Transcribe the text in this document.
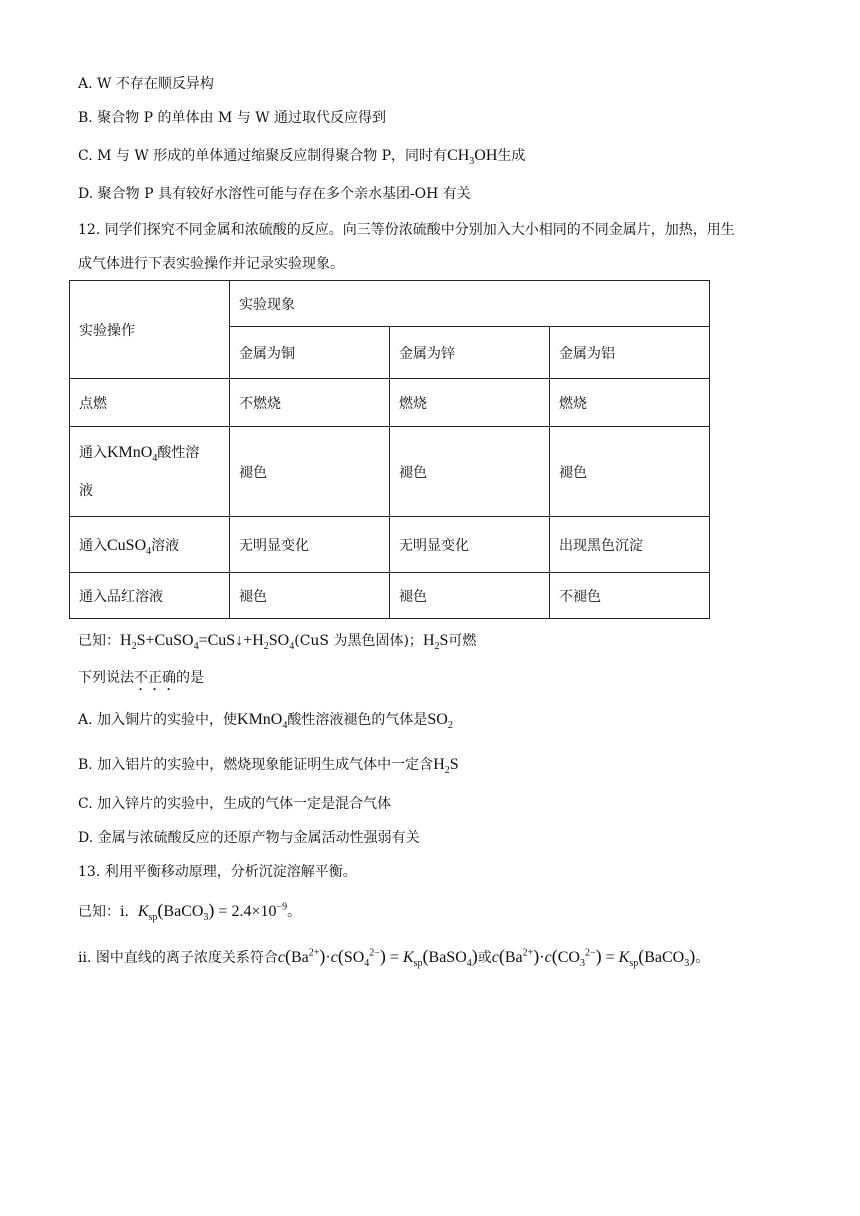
A. W 不存在顺反异构
B. 聚合物 P 的单体由 M 与 W 通过取代反应得到
C. M 与 W 形成的单体通过缩聚反应制得聚合物 P，同时有$CH_3OH$生成
D. 聚合物 P 具有较好水溶性可能与存在多个亲水基团-OH 有关
12. 同学们探究不同金属和浓硫酸的反应。向三等份浓硫酸中分别加入大小相同的不同金属片，加热，用生
成气体进行下表实验操作并记录实验现象。
实验操作	实验现象		
	金属为铜	金属为锌	金属为铝
点燃	不燃烧	燃烧	燃烧
通入KMnO$_4$酸性溶
液	褪色	褪色	褪色
通入CuSO$_4$溶液	无明显变化	无明显变化	出现黑色沉淀
通入品红溶液	褪色	褪色	不褪色
已知：$H_2S+CuSO_4=CuS↓+H_2SO_4(CuS$ 为黑色固体)；$H_2S$可燃
下列说法不正确的是
A. 加入铜片的实验中，使KMnO$_4$酸性溶液褪色的气体是$SO_2$
B. 加入铝片的实验中，燃烧现象能证明生成气体中一定含$H_2S$
C. 加入锌片的实验中，生成的气体一定是混合气体
D. 金属与浓硫酸反应的还原产物与金属活动性强弱有关
13. 利用平衡移动原理，分析沉淀溶解平衡。
已知：i. $K_{sp}(BaCO_3) = 2.4\times 10^{-9}$。
ii. 图中直线的离子浓度关系符合$c(Ba^{2+})\cdot c(SO_4^{2-})$ = $K_{sp}(BaSO_4)$或$c(Ba^{2+})\cdot c(CO_3^{2-})$ = $K_{sp}(BaCO_3)$。
